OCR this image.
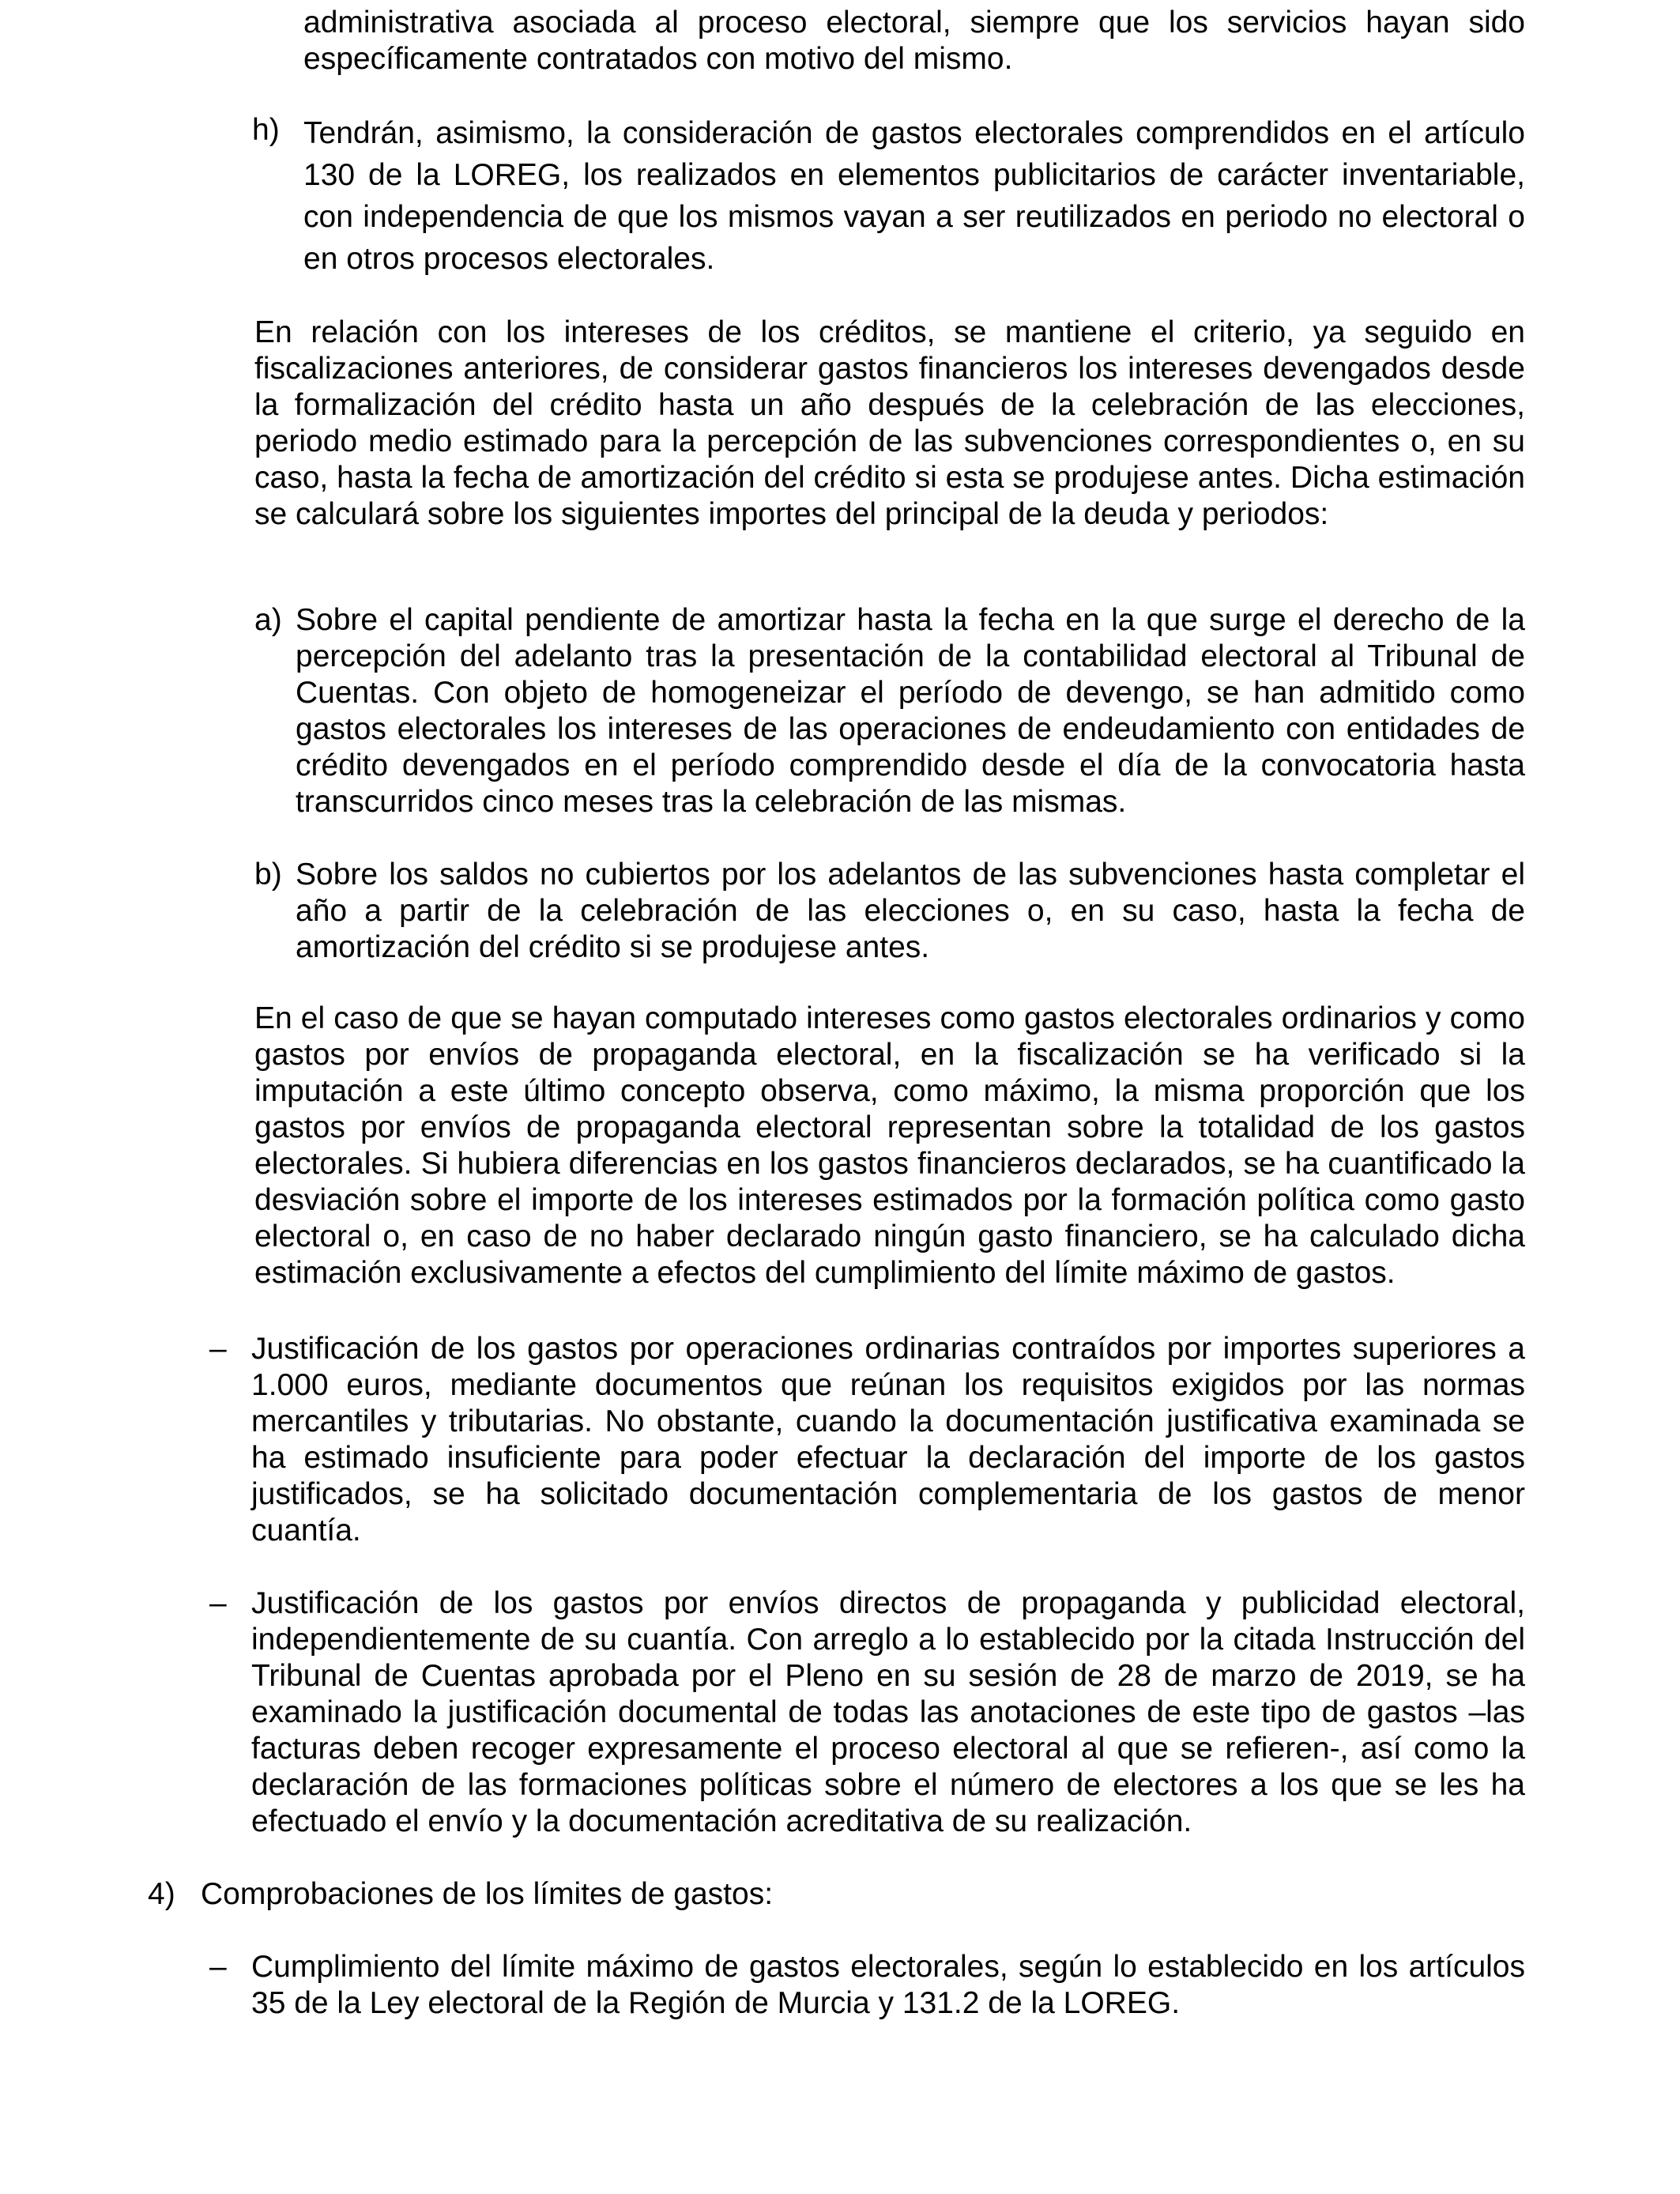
administrativa asociada al proceso electoral, siempre que los servicios hayan sido específicamente contratados con motivo del mismo.

h) Tendrán, asimismo, la consideración de gastos electorales comprendidos en el artículo 130 de la LOREG, los realizados en elementos publicitarios de carácter inventariable, con independencia de que los mismos vayan a ser reutilizados en periodo no electoral o en otros procesos electorales.

En relación con los intereses de los créditos, se mantiene el criterio, ya seguido en fiscalizaciones anteriores, de considerar gastos financieros los intereses devengados desde la formalización del crédito hasta un año después de la celebración de las elecciones, periodo medio estimado para la percepción de las subvenciones correspondientes o, en su caso, hasta la fecha de amortización del crédito si esta se produjese antes. Dicha estimación se calculará sobre los siguientes importes del principal de la deuda y periodos:

a) Sobre el capital pendiente de amortizar hasta la fecha en la que surge el derecho de la percepción del adelanto tras la presentación de la contabilidad electoral al Tribunal de Cuentas. Con objeto de homogeneizar el período de devengo, se han admitido como gastos electorales los intereses de las operaciones de endeudamiento con entidades de crédito devengados en el período comprendido desde el día de la convocatoria hasta transcurridos cinco meses tras la celebración de las mismas.

b) Sobre los saldos no cubiertos por los adelantos de las subvenciones hasta completar el año a partir de la celebración de las elecciones o, en su caso, hasta la fecha de amortización del crédito si se produjese antes.

En el caso de que se hayan computado intereses como gastos electorales ordinarios y como gastos por envíos de propaganda electoral, en la fiscalización se ha verificado si la imputación a este último concepto observa, como máximo, la misma proporción que los gastos por envíos de propaganda electoral representan sobre la totalidad de los gastos electorales. Si hubiera diferencias en los gastos financieros declarados, se ha cuantificado la desviación sobre el importe de los intereses estimados por la formación política como gasto electoral o, en caso de no haber declarado ningún gasto financiero, se ha calculado dicha estimación exclusivamente a efectos del cumplimiento del límite máximo de gastos.

– Justificación de los gastos por operaciones ordinarias contraídos por importes superiores a 1.000 euros, mediante documentos que reúnan los requisitos exigidos por las normas mercantiles y tributarias. No obstante, cuando la documentación justificativa examinada se ha estimado insuficiente para poder efectuar la declaración del importe de los gastos justificados, se ha solicitado documentación complementaria de los gastos de menor cuantía.

– Justificación de los gastos por envíos directos de propaganda y publicidad electoral, independientemente de su cuantía. Con arreglo a lo establecido por la citada Instrucción del Tribunal de Cuentas aprobada por el Pleno en su sesión de 28 de marzo de 2019, se ha examinado la justificación documental de todas las anotaciones de este tipo de gastos –las facturas deben recoger expresamente el proceso electoral al que se refieren-, así como la declaración de las formaciones políticas sobre el número de electores a los que se les ha efectuado el envío y la documentación acreditativa de su realización.

4) Comprobaciones de los límites de gastos:

– Cumplimiento del límite máximo de gastos electorales, según lo establecido en los artículos 35 de la Ley electoral de la Región de Murcia y 131.2 de la LOREG.
